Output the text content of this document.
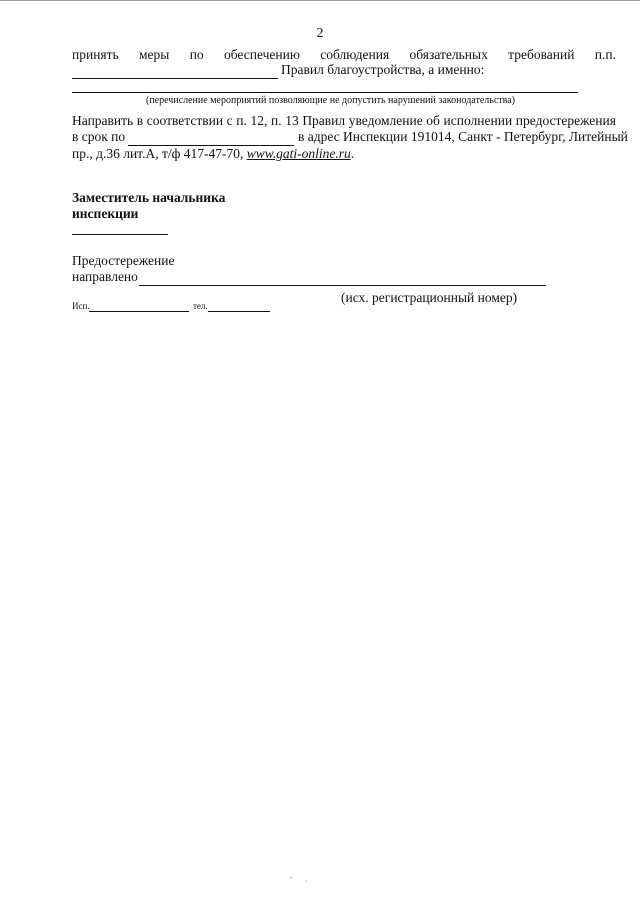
2
принять меры по обеспечению соблюдения обязательных требований п.п.
Правил благоустройства, а именно:
(перечисление мероприятий позволяющие не допустить нарушений законодательства)
Направить в соответствии с п. 12, п. 13 Правил уведомление об исполнении предостережения
в срок по	в адрес Инспекции 191014, Санкт - Петербург, Литейный
пр., д.36 лит.А, т/ф 417-47-70, www.gati-online.ru.
Заместитель начальника
инспекции
Предостережение
направлено
(исх. регистрационный номер)
Исп.	тел.
- ·
